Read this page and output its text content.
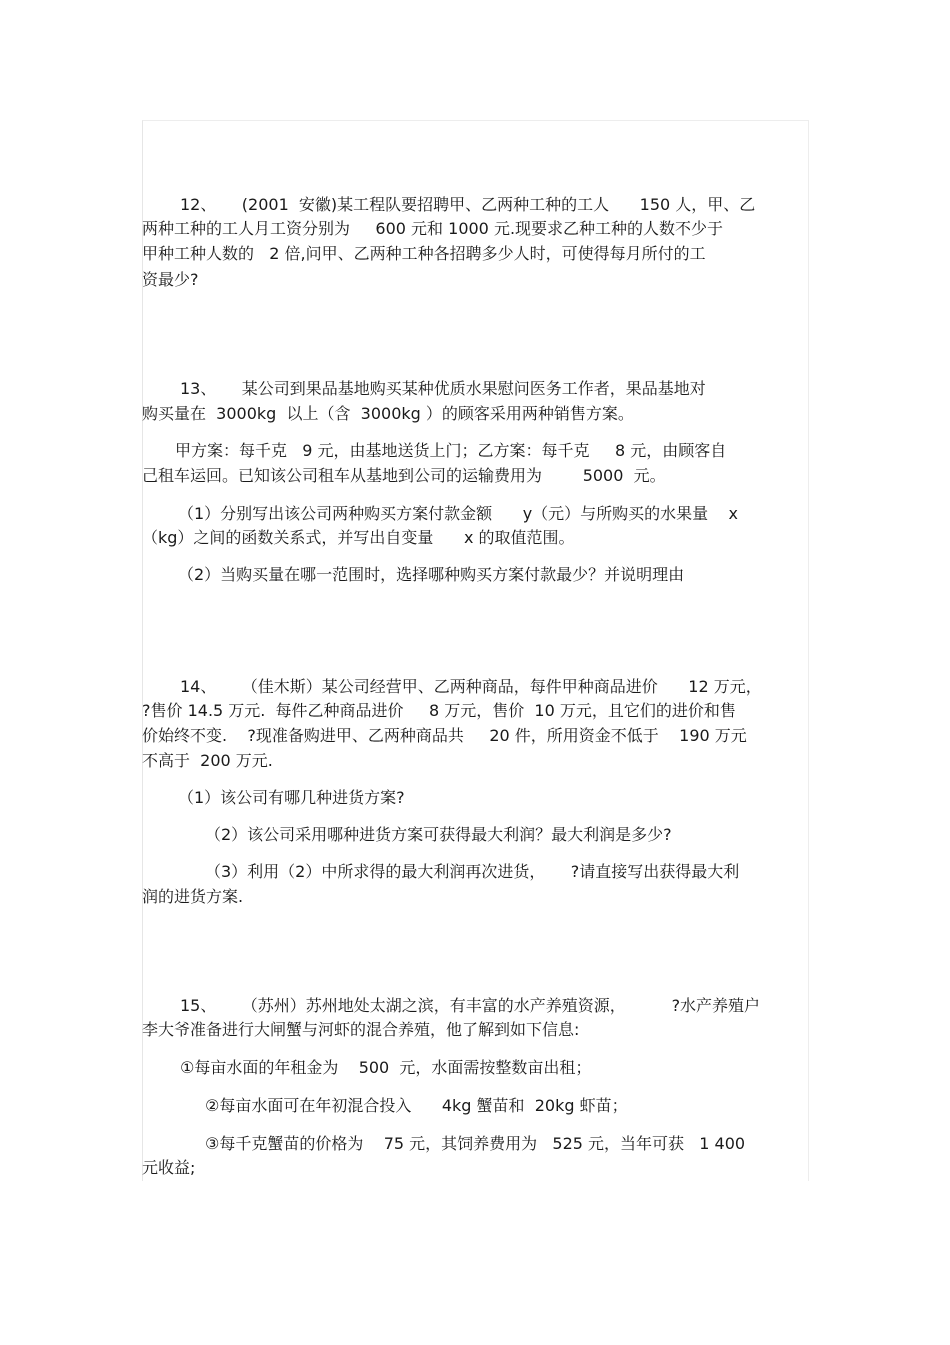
12、     (2001  安徽)某工程队要招聘甲、乙两种工种的工人      150 人，甲、乙
两种工种的工人月工资分别为     600 元和 1000 元.现要求乙种工种的人数不少于
甲种工种人数的   2 倍,问甲、乙两种工种各招聘多少人时，可使得每月所付的工
资最少?
13、     某公司到果品基地购买某种优质水果慰问医务工作者，果品基地对
购买量在  3000kg  以上（含  3000kg ）的顾客采用两种销售方案。
甲方案：每千克   9 元，由基地送货上门；乙方案：每千克     8 元，由顾客自
己租车运回。已知该公司租车从基地到公司的运输费用为        5000  元。
（1）分别写出该公司两种购买方案付款金额      y（元）与所购买的水果量    x
（kg）之间的函数关系式，并写出自变量      x 的取值范围。
（2）当购买量在哪一范围时，选择哪种购买方案付款最少？并说明理由
14、     （佳木斯）某公司经营甲、乙两种商品，每件甲种商品进价      12 万元，
?售价 14.5 万元.  每件乙种商品进价     8 万元，售价  10 万元，且它们的进价和售
价始终不变.    ?现准备购进甲、乙两种商品共     20 件，所用资金不低于    190 万元
不高于  200 万元.
（1）该公司有哪几种进货方案?
（2）该公司采用哪种进货方案可获得最大利润？最大利润是多少?
（3）利用（2）中所求得的最大利润再次进货，     ?请直接写出获得最大利
润的进货方案.
15、     （苏州）苏州地处太湖之滨，有丰富的水产养殖资源，         ?水产养殖户
李大爷准备进行大闸蟹与河虾的混合养殖，他了解到如下信息:
①每亩水面的年租金为    500  元，水面需按整数亩出租；
②每亩水面可在年初混合投入      4kg 蟹苗和  20kg 虾苗；
③每千克蟹苗的价格为    75 元，其饲养费用为   525 元，当年可获   1 400
元收益;
